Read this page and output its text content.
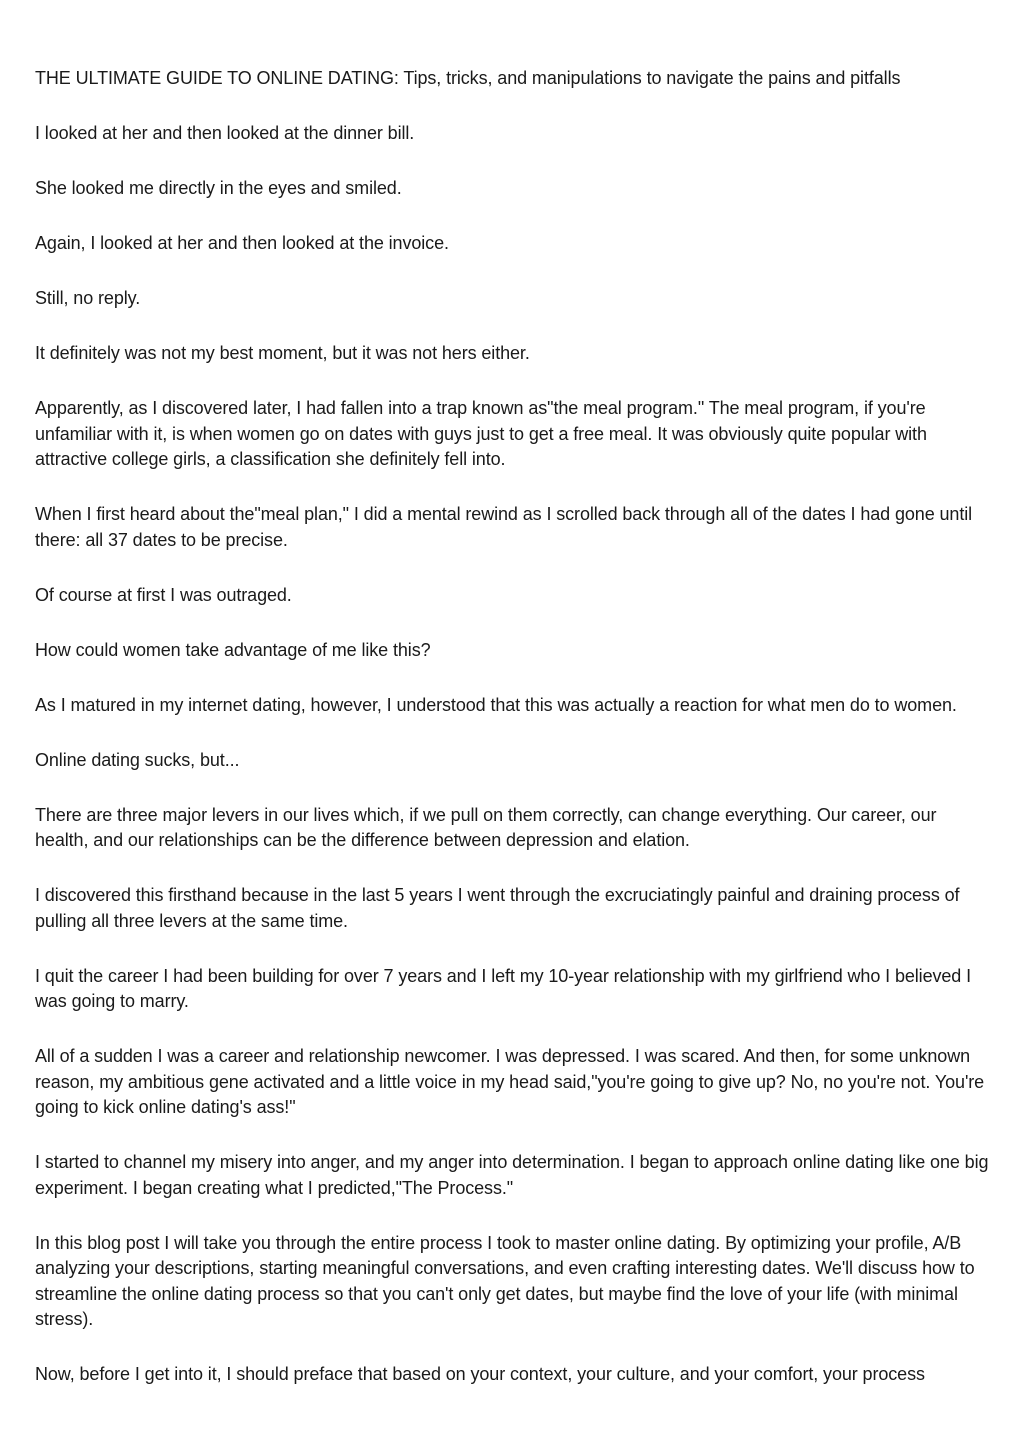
THE ULTIMATE GUIDE TO ONLINE DATING: Tips, tricks, and manipulations to navigate the pains and pitfalls

I looked at her and then looked at the dinner bill.

She looked me directly in the eyes and smiled.

Again, I looked at her and then looked at the invoice.

Still, no reply.

It definitely was not my best moment, but it was not hers either.

Apparently, as I discovered later, I had fallen into a trap known as"the meal program." The meal program, if you're unfamiliar with it, is when women go on dates with guys just to get a free meal. It was obviously quite popular with attractive college girls, a classification she definitely fell into.

When I first heard about the"meal plan," I did a mental rewind as I scrolled back through all of the dates I had gone until there: all 37 dates to be precise.

Of course at first I was outraged.

How could women take advantage of me like this?

As I matured in my internet dating, however, I understood that this was actually a reaction for what men do to women.

Online dating sucks, but...

There are three major levers in our lives which, if we pull on them correctly, can change everything. Our career, our health, and our relationships can be the difference between depression and elation.

I discovered this firsthand because in the last 5 years I went through the excruciatingly painful and draining process of pulling all three levers at the same time.

I quit the career I had been building for over 7 years and I left my 10-year relationship with my girlfriend who I believed I was going to marry.

All of a sudden I was a career and relationship newcomer. I was depressed. I was scared. And then, for some unknown reason, my ambitious gene activated and a little voice in my head said,"you're going to give up? No, no you're not. You're going to kick online dating's ass!"

I started to channel my misery into anger, and my anger into determination. I began to approach online dating like one big experiment. I began creating what I predicted,"The Process."

In this blog post I will take you through the entire process I took to master online dating. By optimizing your profile, A/B analyzing your descriptions, starting meaningful conversations, and even crafting interesting dates. We'll discuss how to streamline the online dating process so that you can't only get dates, but maybe find the love of your life (with minimal stress).

Now, before I get into it, I should preface that based on your context, your culture, and your comfort, your process
